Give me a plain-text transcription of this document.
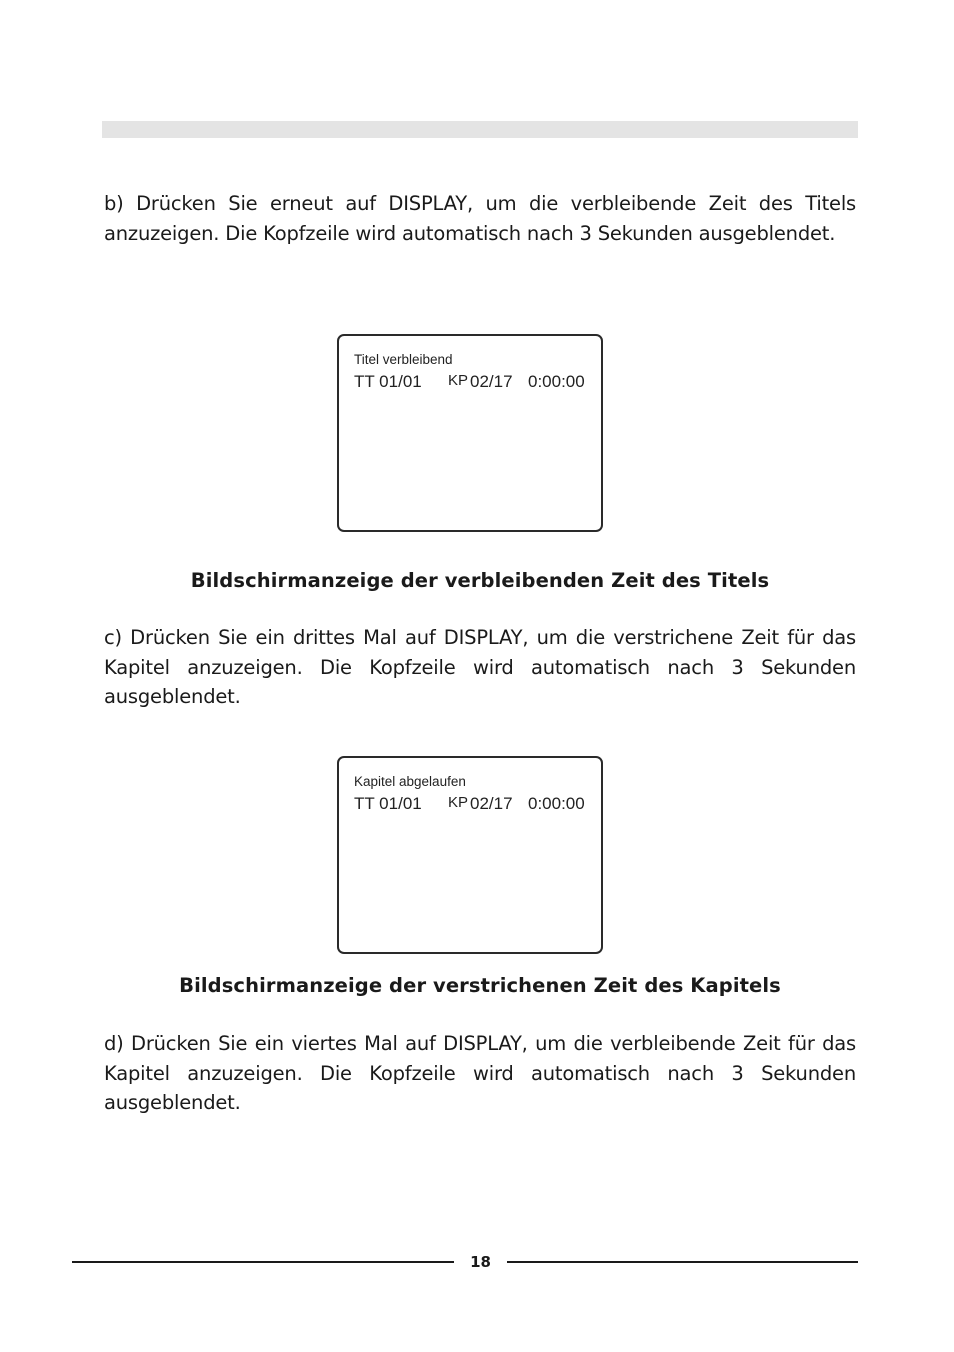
b) Drücken Sie erneut auf DISPLAY, um die verbleibende Zeit des Titels anzuzeigen. Die Kopfzeile wird automatisch nach 3 Sekunden ausgeblendet.

Titel verbleibend
TT 01/01 KP 02/17 0:00:00

Bildschirmanzeige der verbleibenden Zeit des Titels

c) Drücken Sie ein drittes Mal auf DISPLAY, um die verstrichene Zeit für das Kapitel anzuzeigen. Die Kopfzeile wird automatisch nach 3 Sekunden ausgeblendet.

Kapitel abgelaufen
TT 01/01 KP 02/17 0:00:00

Bildschirmanzeige der verstrichenen Zeit des Kapitels

d) Drücken Sie ein viertes Mal auf DISPLAY, um die verbleibende Zeit für das Kapitel anzuzeigen. Die Kopfzeile wird automatisch nach 3 Sekunden ausgeblendet.

18
